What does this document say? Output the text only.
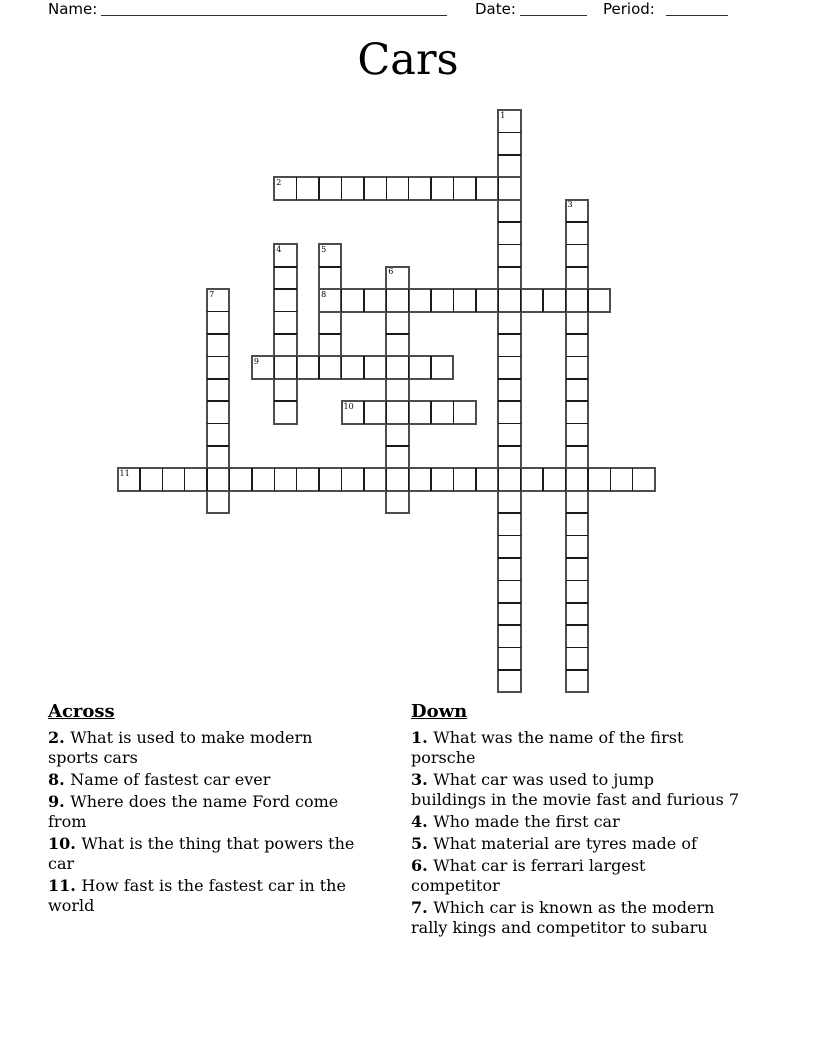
Name:	Date:	Period:
Cars
1
2
3
4	5
6
7	8
9
10
11
Across
2. What is used to make modern
sports cars
8. Name of fastest car ever
9. Where does the name Ford come
from
10. What is the thing that powers the
car
11. How fast is the fastest car in the
world
Down
1. What was the name of the first
porsche
3. What car was used to jump
buildings in the movie fast and furious 7
4. Who made the first car
5. What material are tyres made of
6. What car is ferrari largest
competitor
7. Which car is known as the modern
rally kings and competitor to subaru
